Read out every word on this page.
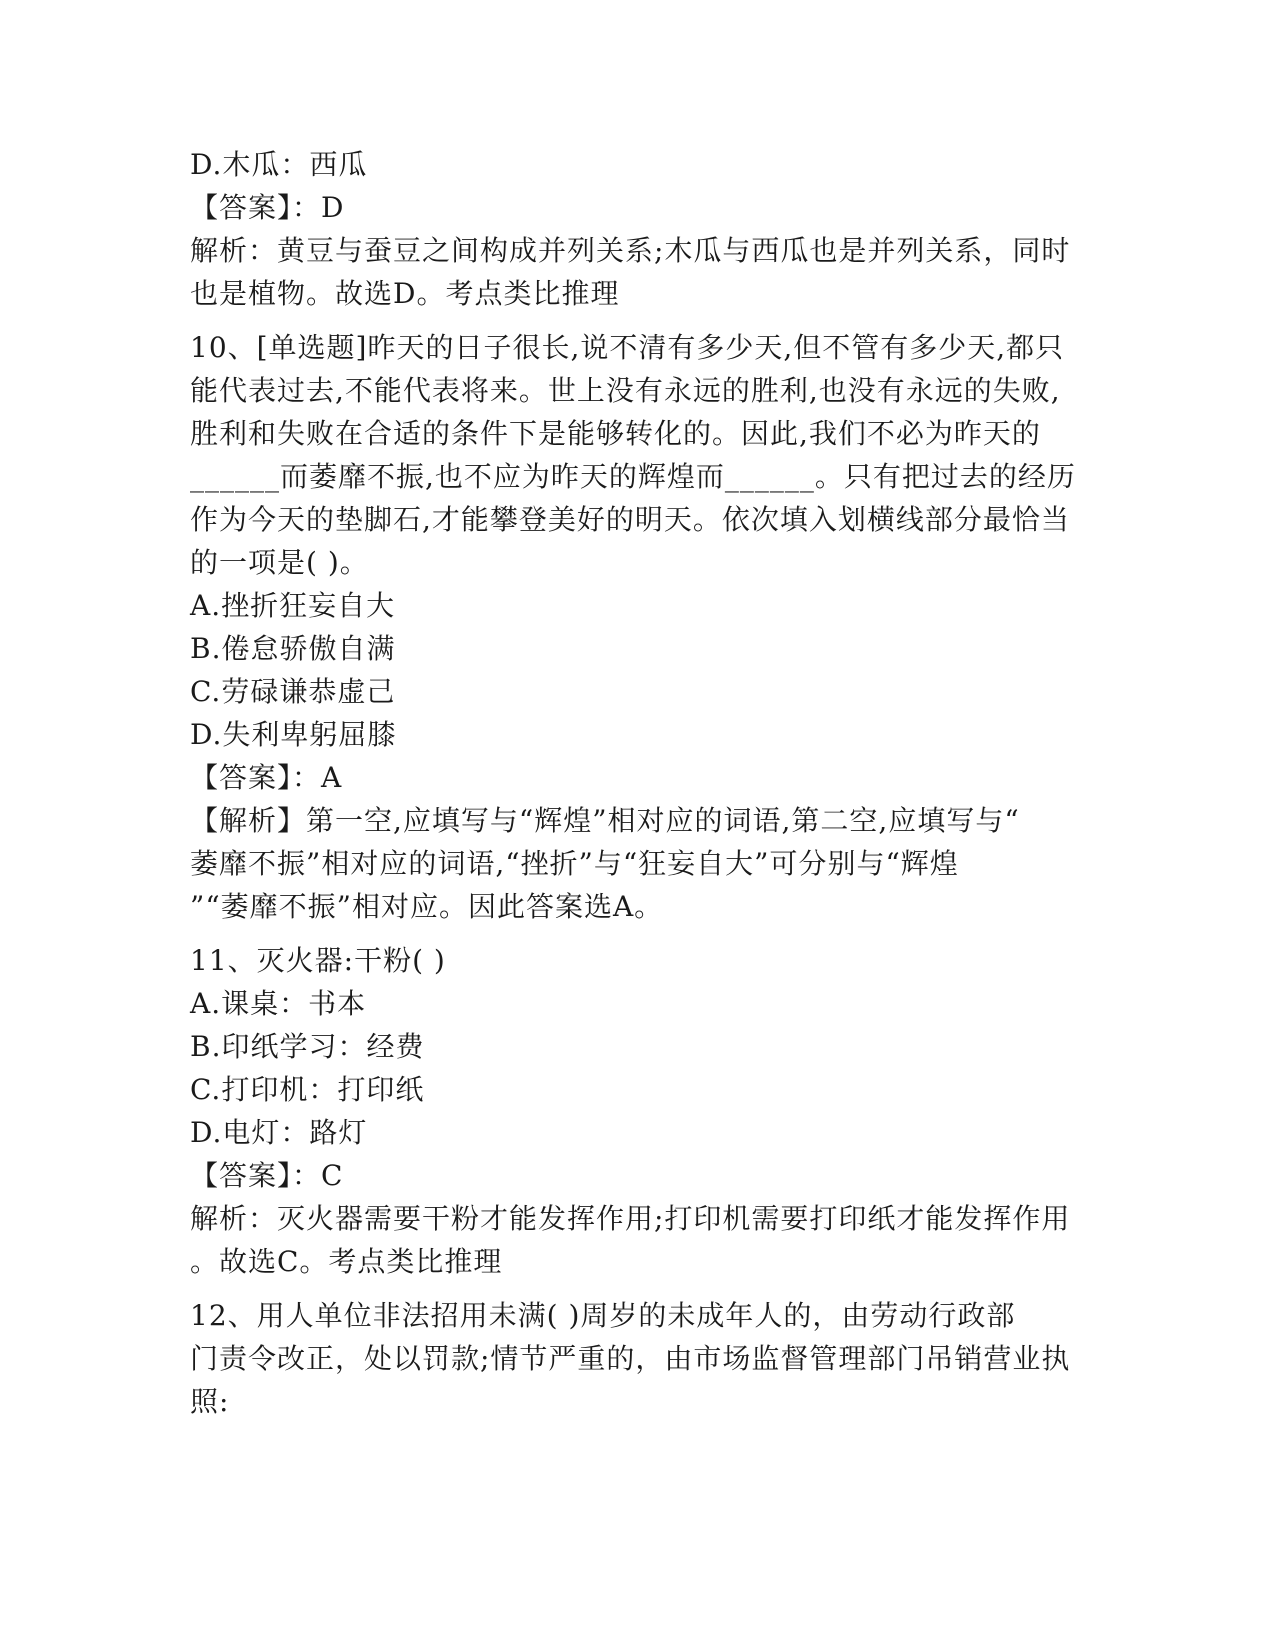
D.木瓜：西瓜
【答案】：D
解析：黄豆与蚕豆之间构成并列关系;木瓜与西瓜也是并列关系，同时
也是植物。故选D。考点类比推理
10、[单选题]昨天的日子很长,说不清有多少天,但不管有多少天,都只
能代表过去,不能代表将来。世上没有永远的胜利,也没有永远的失败,
胜利和失败在合适的条件下是能够转化的。因此,我们不必为昨天的
______而萎靡不振,也不应为昨天的辉煌而______。只有把过去的经历
作为今天的垫脚石,才能攀登美好的明天。依次填入划横线部分最恰当
的一项是( )。
A.挫折狂妄自大
B.倦怠骄傲自满
C.劳碌谦恭虚己
D.失利卑躬屈膝
【答案】：A
【解析】第一空,应填写与“辉煌”相对应的词语,第二空,应填写与“
萎靡不振”相对应的词语,“挫折”与“狂妄自大”可分别与“辉煌
”“萎靡不振”相对应。因此答案选A。
11、灭火器:干粉( )
A.课桌：书本
B.印纸学习：经费
C.打印机：打印纸
D.电灯：路灯
【答案】：C
解析：灭火器需要干粉才能发挥作用;打印机需要打印纸才能发挥作用
。故选C。考点类比推理
12、用人单位非法招用未满( )周岁的未成年人的，由劳动行政部
门责令改正，处以罚款;情节严重的，由市场监督管理部门吊销营业执
照:
